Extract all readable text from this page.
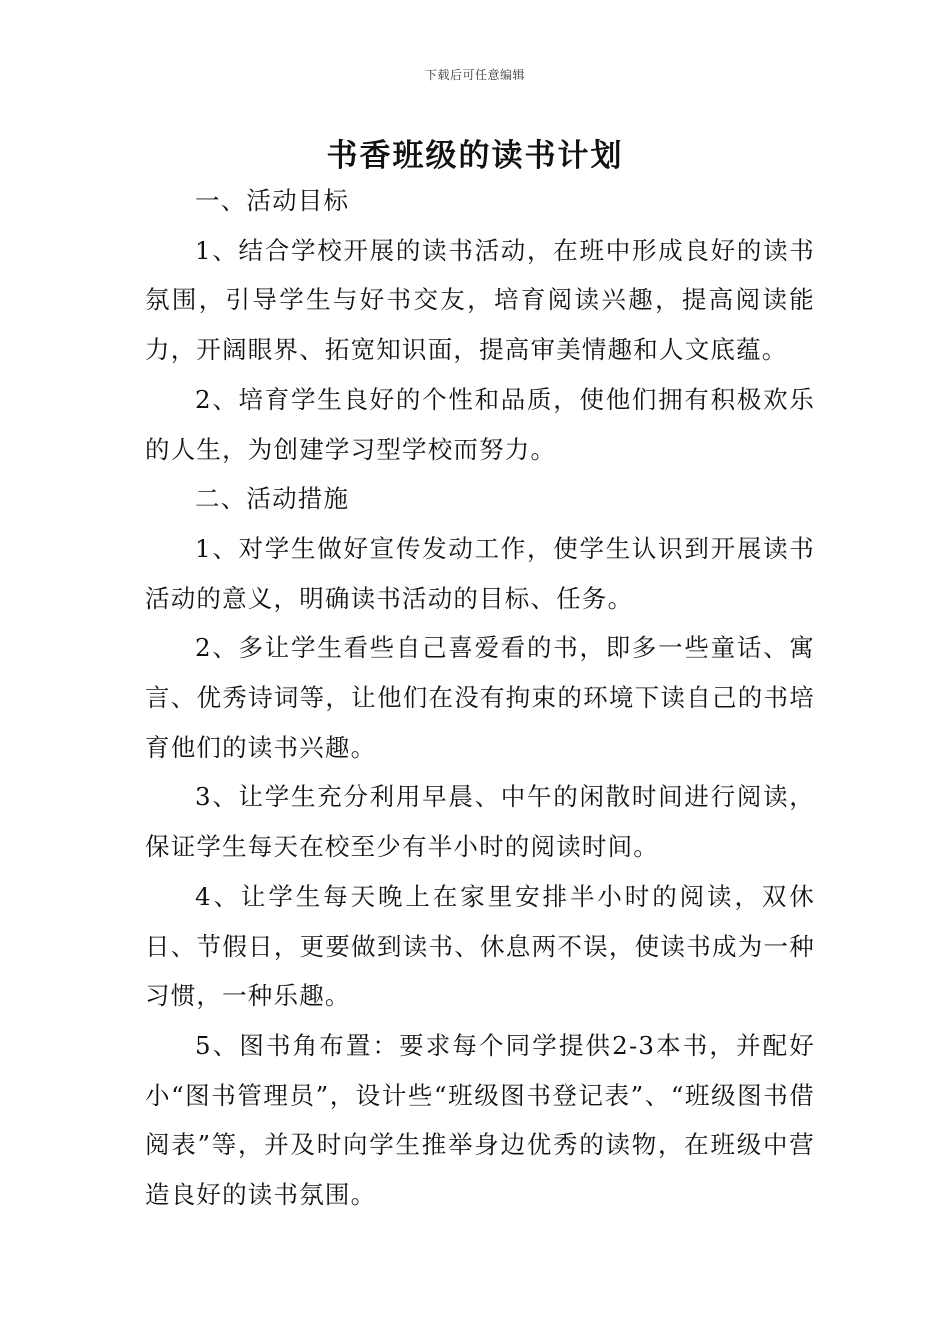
下载后可任意编辑
书香班级的读书计划

一、活动目标

1、结合学校开展的读书活动，在班中形成良好的读书氛围，引导学生与好书交友，培育阅读兴趣，提高阅读能力，开阔眼界、拓宽知识面，提高审美情趣和人文底蕴。

2、培育学生良好的个性和品质，使他们拥有积极欢乐的人生，为创建学习型学校而努力。

二、活动措施

1、对学生做好宣传发动工作，使学生认识到开展读书活动的意义，明确读书活动的目标、任务。

2、多让学生看些自己喜爱看的书，即多一些童话、寓言、优秀诗词等，让他们在没有拘束的环境下读自己的书培育他们的读书兴趣。

3、让学生充分利用早晨、中午的闲散时间进行阅读，保证学生每天在校至少有半小时的阅读时间。

4、让学生每天晚上在家里安排半小时的阅读，双休日、节假日，更要做到读书、休息两不误，使读书成为一种习惯，一种乐趣。

5、图书角布置：要求每个同学提供2-3本书，并配好小“图书管理员”，设计些“班级图书登记表”、“班级图书借阅表”等，并及时向学生推举身边优秀的读物，在班级中营造良好的读书氛围。
